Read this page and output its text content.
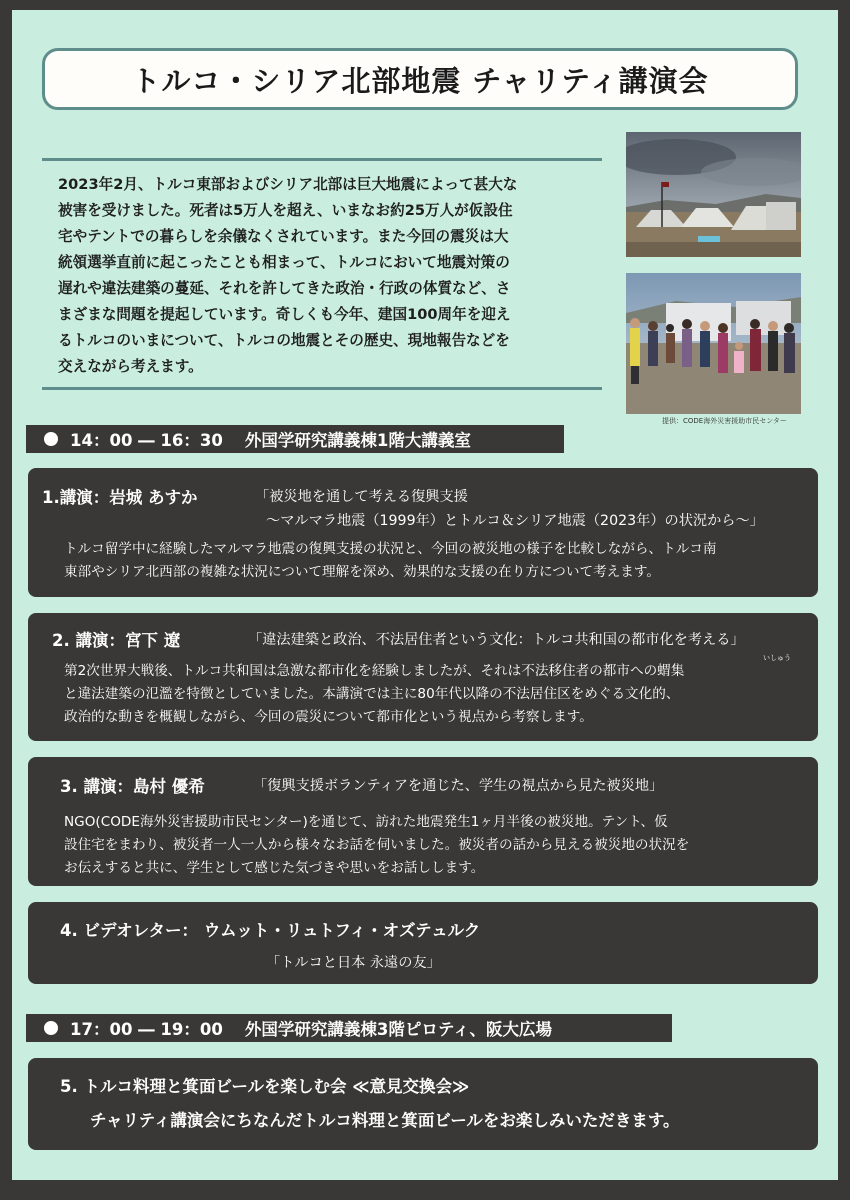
トルコ・シリア北部地震 チャリティ講演会

2023年2月、トルコ東部およびシリア北部は巨大地震によって甚大な
被害を受けました。死者は5万人を超え、いまなお約25万人が仮設住
宅やテントでの暮らしを余儀なくされています。また今回の震災は大
統領選挙直前に起こったことも相まって、トルコにおいて地震対策の
遅れや違法建築の蔓延、それを許してきた政治・行政の体質など、さ
まざまな問題を提起しています。奇しくも今年、建国100周年を迎え
るトルコのいまについて、トルコの地震とその歴史、現地報告などを
交えながら考えます。

提供：CODE海外災害援助市民センター
14：00 ― 16：30 外国学研究講義棟1階大講義室
1.講演：岩城 あすか	「被災地を通して考える復興支援
～マルマラ地震（1999年）とトルコ＆シリア地震（2023年）の状況から～」

トルコ留学中に経験したマルマラ地震の復興支援の状況と、今回の被災地の様子を比較しながら、トルコ南
東部やシリア北西部の複雑な状況について理解を深め、効果的な支援の在り方について考えます。

2. 講演：宮下 遼	「違法建築と政治、不法居住者という文化：トルコ共和国の都市化を考える」
いしゅう

第2次世界大戦後、トルコ共和国は急激な都市化を経験しましたが、それは不法移住者の都市への蝟集
と違法建築の氾濫を特徴としていました。本講演では主に80年代以降の不法居住区をめぐる文化的、
政治的な動きを概観しながら、今回の震災について都市化という視点から考察します。

3. 講演：島村 優希	「復興支援ボランティアを通じた、学生の視点から見た被災地」

NGO(CODE海外災害援助市民センター)を通じて、訪れた地震発生1ヶ月半後の被災地。テント、仮
設住宅をまわり、被災者一人一人から様々なお話を伺いました。被災者の話から見える被災地の状況を
お伝えすると共に、学生として感じた気づきや思いをお話しします。

4. ビデオレター： ウムット・リュトフィ・オズテュルク
「トルコと日本 永遠の友」
17：00 ― 19：00 外国学研究講義棟3階ピロティ、阪大広場
5. トルコ料理と箕面ビールを楽しむ会 ≪意見交換会≫
チャリティ講演会にちなんだトルコ料理と箕面ビールをお楽しみいただきます。
